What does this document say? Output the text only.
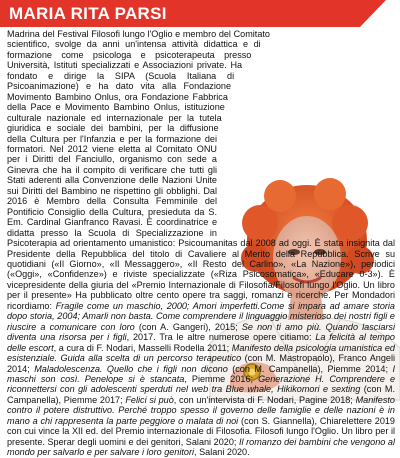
MARIA RITA PARSI

Madrina del Festival Filosofi lungo l'Oglio e membro del Comitato scientifico, svolge da anni un'intensa attività didattica e di formazione come psicologa e psicoterapeuta presso Università, Istituti specializzati e Associazioni private. Ha fondato e dirige la SIPA (Scuola Italiana di Psicoanimazione) e ha dato vita alla Fondazione Movimento Bambino Onlus, ora Fondazione Fabbrica della Pace e Movimento Bambino Onlus, istituzione culturale nazionale ed internazionale per la tutela giuridica e sociale dei bambini, per la diffusione della Cultura per l'Infanzia e per la formazione dei formatori. Nel 2012 viene eletta al Comitato ONU per i Diritti del Fanciullo, organismo con sede a Ginevra che ha il compito di verificare che tutti gli Stati aderenti alla Convenzione delle Nazioni Unite sui Diritti del Bambino ne rispettino gli obblighi. Dal 2016 è Membro della Consulta Femminile del Pontificio Consiglio della Cultura, presieduta da S. Em. Cardinal Gianfranco Ravasi. È coordinatrice e didatta presso la Scuola di Specializzazione in Psicoterapia ad orientamento umanistico: Psicoumanitas dal 2008 ad oggi. È stata insignita dal Presidente della Repubblica del titolo di Cavaliere al Merito della Repubblica. Scrive su quotidiani («Il Giorno», «Il Messaggero», «Il Resto del Carlino», «La Nazione»), periodici («Oggi», «Confidenze») e riviste specializzate («Riza Psicosomatica», «Educare 0-3»). È vicepresidente della giuria del «Premio Internazionale di Filosofia/Filosofi lungo l'Oglio. Un libro per il presente» Ha pubblicato oltre cento opere tra saggi, romanzi e ricerche. Per Mondadori ricordiamo: Fragile come un maschio, 2000; Amori imperfetti.Come si impara ad amare storia dopo storia, 2004; Amarli non basta. Come comprendere il linguaggio misterioso dei nostri figli e riuscire a comunicare con loro (con A. Gangeri), 2015; Se non ti amo più. Quando lasciarsi diventa una risorsa per i figli, 2017. Tra le altre numerose opere citiamo: La felicità al tempo delle escort, a cura di F. Nodari, Masselli Rodella 2011; Manifesto della psicologia umanistica ed esistenziale. Guida alla scelta di un percorso terapeutico (con M. Mastropaolo), Franco Angeli 2014; Maladolescenza. Quello che i figli non dicono (con M. Campanella), Piemme 2014; I maschi son così. Penelope si è stancata, Piemme 2016; Generazione H. Comprendere e riconnettersi con gli adolescenti sperduti nel web tra Blue whale, Hikikomori e sexting (con M. Campanella), Piemme 2017; Felici si può, con un'intervista di F. Nodari, Pagine 2018; Manifesto contro il potere distruttivo. Perché troppo spesso il governo delle famiglie e delle nazioni è in mano a chi rappresenta la parte peggiore o malata di noi (con S. Giannella), Chiarelettere 2019 con cui vince la XII ed. del Premio internazionale di Filosofia. Filosofi lungo l'Oglio. Un libro per il presente. Sperar degli uomini e dei genitori, Salani 2020; Il romanzo dei bambini che vengono al mondo per salvarlo e per salvare i loro genitori, Salani 2020.
